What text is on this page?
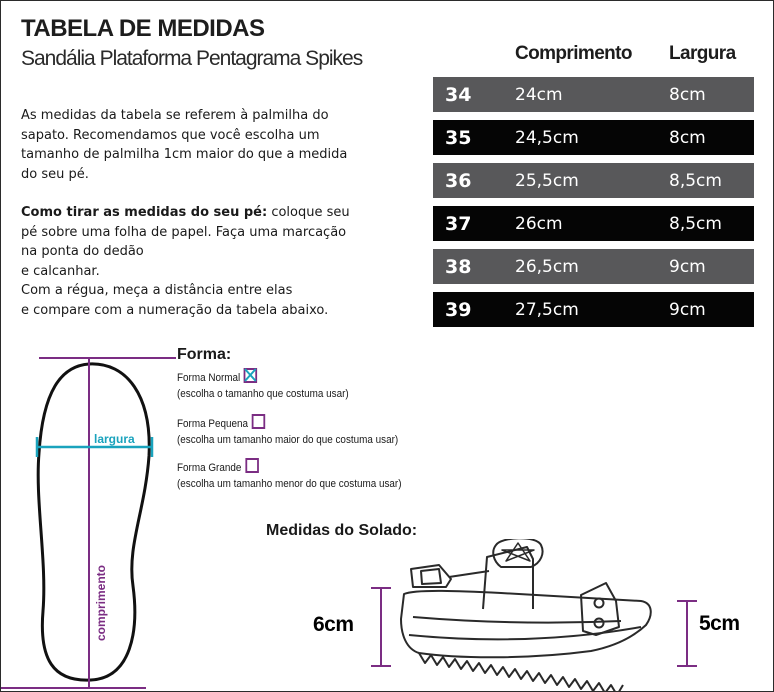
TABELA DE MEDIDAS
Sandália Plataforma Pentagrama Spikes

As medidas da tabela se referem à palmilha do sapato. Recomendamos que você escolha um tamanho de palmilha 1cm maior do que a medida do seu pé.

Como tirar as medidas do seu pé: coloque seu pé sobre uma folha de papel. Faça uma marcação na ponta do dedão

e calcanhar.

Com a régua, meça a distância entre elas

e compare com a numeração da tabela abaixo.

Comprimento Largura
34	24cm	8cm
35	24,5cm	8cm
36	25,5cm	8,5cm
37	26cm	8,5cm
38	26,5cm	9cm
39	27,5cm	9cm
largura
comprimento
Forma:
Forma Normal
(escolha o tamanho que costuma usar)
Forma Pequena
(escolha um tamanho maior do que costuma usar)
Forma Grande
(escolha um tamanho menor do que costuma usar)
Medidas do Solado:
6cm	5cm
